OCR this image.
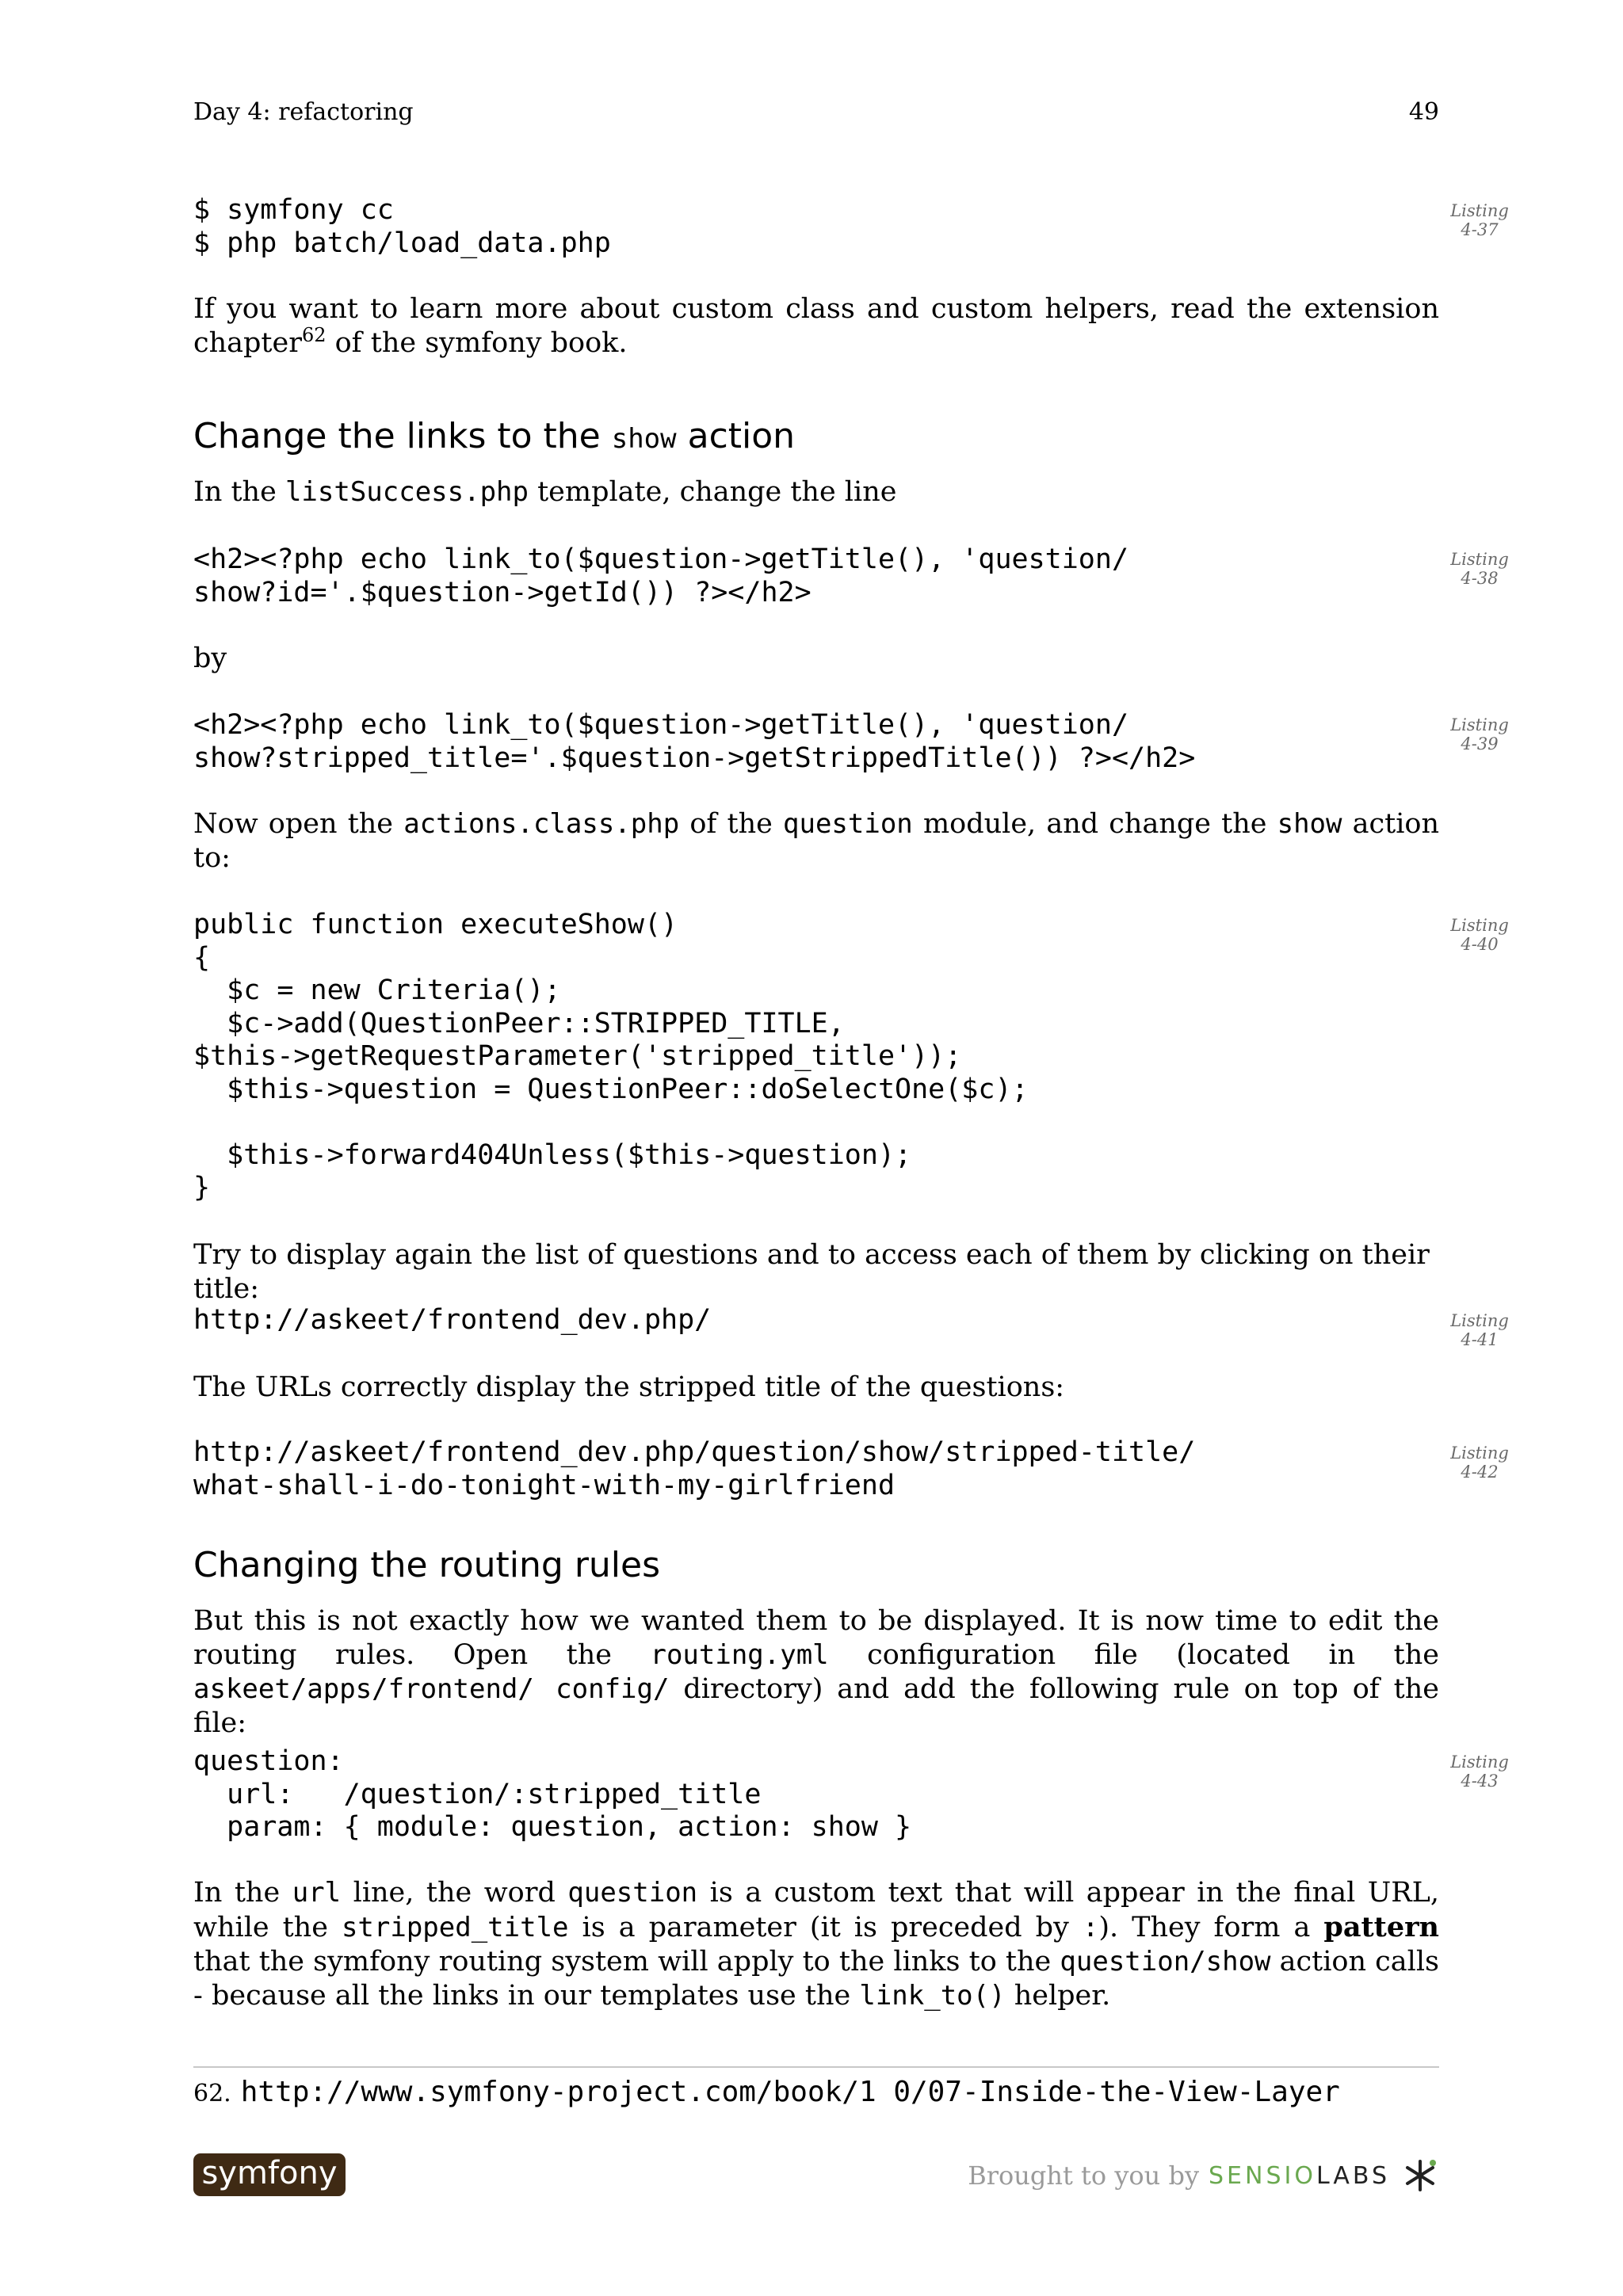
Day 4: refactoring	49
$ symfony cc
$ php batch/load_data.php
Listing
4-37

If you want to learn more about custom class and custom helpers, read the extension chapter$^{62}$ of the symfony book.

Change the links to the show action

In the listSuccess.php template, change the line

<h2><?php echo link_to($question->getTitle(), 'question/
show?id='.$question->getId()) ?></h2>
Listing
4-38

by

<h2><?php echo link_to($question->getTitle(), 'question/
show?stripped_title='.$question->getStrippedTitle()) ?></h2>
Listing
4-39

Now open the actions.class.php of the question module, and change the show action to:

public function executeShow()
{
$c = new Criteria();
$c->add(QuestionPeer::STRIPPED_TITLE,
$this->getRequestParameter('stripped_title'));
$this->question = QuestionPeer::doSelectOne($c);

$this->forward404Unless($this->question);
}
Listing
4-40

Try to display again the list of questions and to access each of them by clicking on their title:

http://askeet/frontend_dev.php/	Listing
4-41

The URLs correctly display the stripped title of the questions:

http://askeet/frontend_dev.php/question/show/stripped-title/
what-shall-i-do-tonight-with-my-girlfriend
Listing
4-42
Changing the routing rules

But this is not exactly how we wanted them to be displayed. It is now time to edit the routing rules. Open the routing.yml configuration file (located in the askeet/apps/frontend/ config/ directory) and add the following rule on top of the file:

question:
url:   /question/:stripped_title
param: { module: question, action: show }
Listing
4-43

In the url line, the word question is a custom text that will appear in the final URL, while the stripped_title is a parameter (it is preceded by :). They form a pattern that the symfony routing system will apply to the links to the question/show action calls - because all the links in our templates use the link_to() helper.

62. http://www.symfony-project.com/book/1 0/07-Inside-the-View-Layer
symfony	Brought to you by SENSIOLABS
